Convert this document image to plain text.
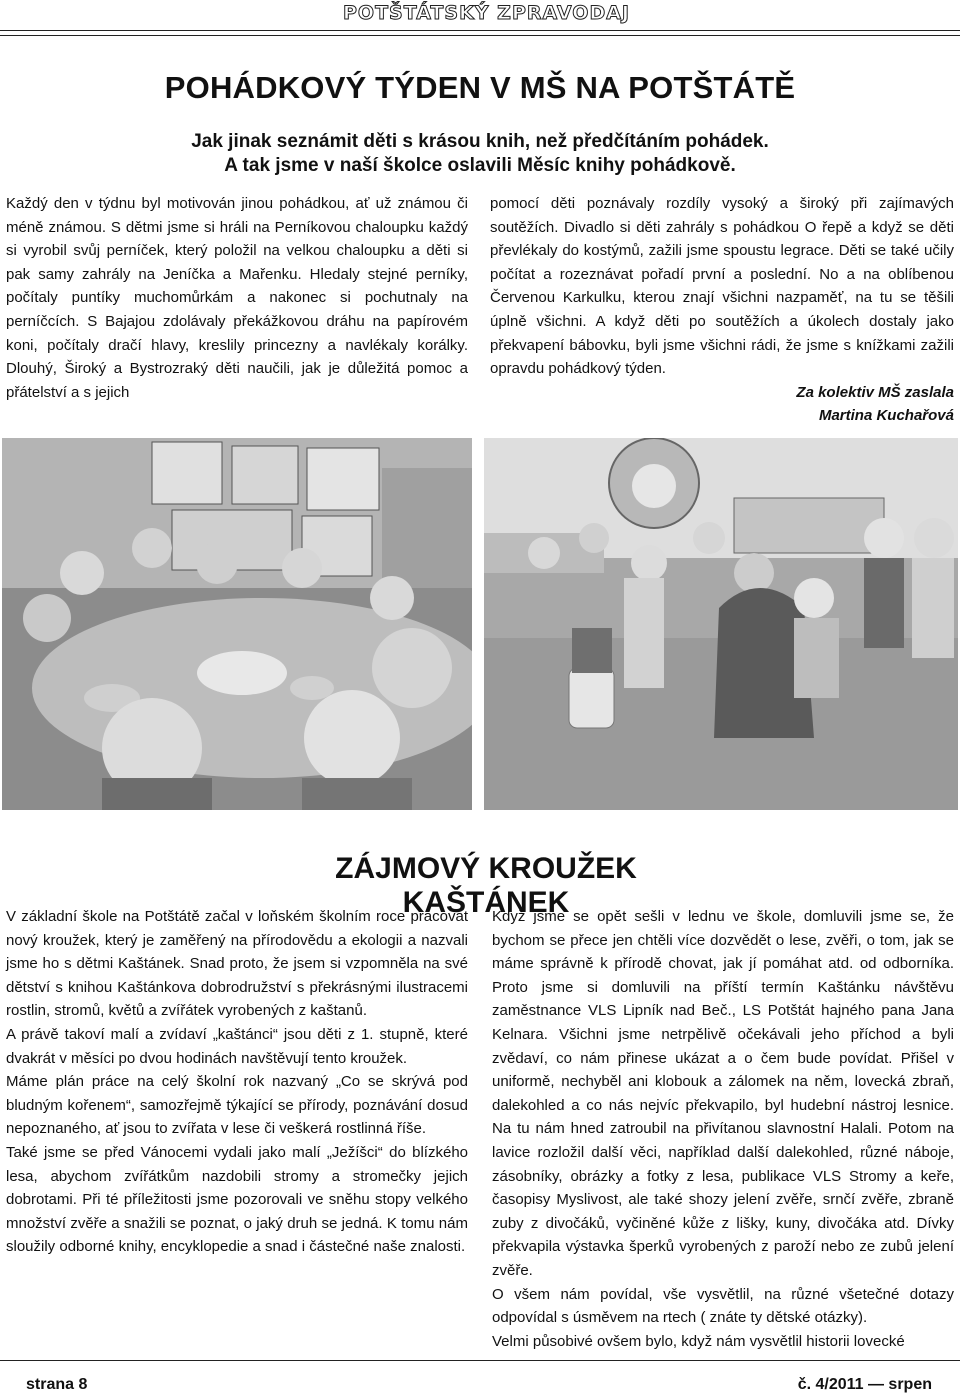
POTŠTÁTSKÝ ZPRAVODAJ
POHÁDKOVÝ TÝDEN V MŠ NA POTŠTÁTĚ
Jak jinak seznámit děti s krásou knih, než předčítáním pohádek.
A tak jsme v naší školce oslavili Měsíc knihy pohádkově.

Každý den v týdnu byl motivován jinou pohádkou, ať už známou či méně známou. S dětmi jsme si hráli na Perníkovou chaloupku každý si vyrobil svůj perníček, který položil na velkou chaloupku a děti si pak samy zahrály na Jeníčka a Mařenku. Hledaly stejné perníky, počítaly puntíky muchomůrkám a nakonec si pochutnaly na perníčcích. S Bajajou zdolávaly překážkovou dráhu na papírovém koni, počítaly dračí hlavy, kreslily princezny a navlékaly korálky. Dlouhý, Široký a Bystrozraký děti naučili, jak je důležitá pomoc a přátelství a s jejich

pomocí děti poznávaly rozdíly vysoký a široký při zajímavých soutěžích. Divadlo si děti zahrály s pohádkou O řepě a když se děti převlékaly do kostýmů, zažili jsme spoustu legrace. Děti se také učily počítat a rozeznávat pořadí první a poslední. No a na oblíbenou Červenou Karkulku, kterou znají všichni nazpaměť, na tu se těšili úplně všichni. A když děti po soutěžích a úkolech dostaly jako překvapení bábovku, byli jsme všichni rádi, že jsme s knížkami zažili opravdu pohádkový týden.

Za kolektiv MŠ zaslala

Martina Kuchařová

ZÁJMOVÝ KROUŽEK KAŠTÁNEK

V základní škole na Potštátě začal v loňském školním roce pracovat nový kroužek, který je zaměřený na přírodovědu a ekologii a nazvali jsme ho s dětmi Kaštánek. Snad proto, že jsem si vzpomněla na své dětství s knihou Kaštánkova dobrodružství s překrásnými ilustracemi rostlin, stromů, květů a zvířátek vyrobených z kaštanů.

A právě takoví malí a zvídaví „kaštánci“ jsou děti z 1. stupně, které dvakrát v měsíci po dvou hodinách navštěvují tento kroužek.

Máme plán práce na celý školní rok nazvaný „Co se skrývá pod bludným kořenem“, samozřejmě týkající se přírody, poznávání dosud nepoznaného, ať jsou to zvířata v lese či veškerá rostlinná říše.

Také jsme se před Vánocemi vydali jako malí „Ježíšci“ do blízkého lesa, abychom zvířátkům nazdobili stromy a stromečky jejich dobrotami. Při té příležitosti jsme pozorovali ve sněhu stopy velkého množství zvěře a snažili se poznat, o jaký druh se jedná. K tomu nám sloužily odborné knihy, encyklopedie a snad i částečné naše znalosti.

Když jsme se opět sešli v lednu ve škole, domluvili jsme se, že bychom se přece jen chtěli více dozvědět o lese, zvěři, o tom, jak se máme správně k přírodě chovat, jak jí pomáhat atd. od odborníka. Proto jsme si domluvili na příští termín Kaštánku návštěvu zaměstnance VLS Lipník nad Beč., LS Potštát hajného pana Jana Kelnara. Všichni jsme netrpělivě očekávali jeho příchod a byli zvědaví, co nám přinese ukázat a o čem bude povídat. Přišel v uniformě, nechyběl ani klobouk a zálomek na něm, lovecká zbraň, dalekohled a co nás nejvíc překvapilo, byl hudební nástroj lesnice. Na tu nám hned zatroubil na přivítanou slavnostní Halali. Potom na lavice rozložil další věci, například další dalekohled, různé náboje, zásobníky, obrázky a fotky z lesa, publikace VLS Stromy a keře, časopisy Myslivost, ale také shozy jelení zvěře, srnčí zvěře, zbraně zuby z divočáků, vyčiněné kůže z lišky, kuny, divočáka atd. Dívky překvapila výstavka šperků vyrobených z paroží nebo ze zubů jelení zvěře.

O všem nám povídal, vše vysvětlil, na různé všetečné dotazy odpovídal s úsměvem na rtech ( znáte ty dětské otázky).

Velmi působivé ovšem bylo, když nám vysvětlil historii lovecké

strana 8	č. 4/2011 — srpen
